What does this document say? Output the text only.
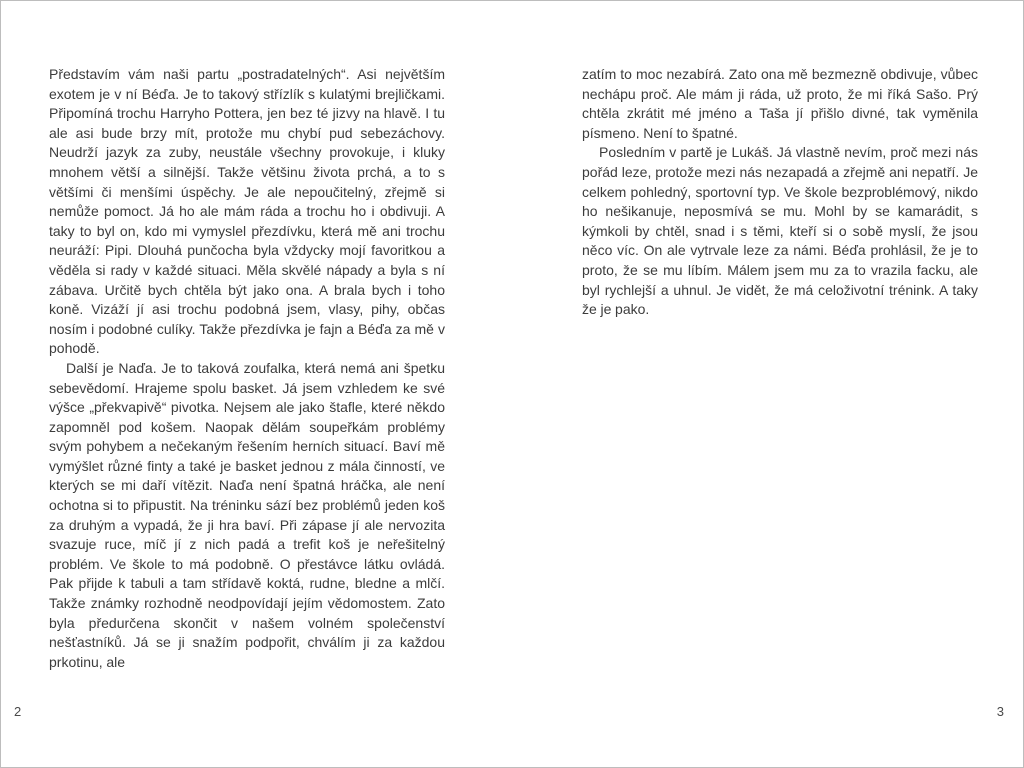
Představím vám naši partu „postradatelných“. Asi největším exotem je v ní Béďa. Je to takový střízlík s kulatými brejličkami. Připomíná trochu Harryho Pottera, jen bez té jizvy na hlavě. I tu ale asi bude brzy mít, protože mu chybí pud sebezáchovy. Neudrží jazyk za zuby, neustále všechny provokuje, i kluky mnohem větší a silnější. Takže většinu života prchá, a to s většími či menšími úspěchy. Je ale nepoučitelný, zřejmě si nemůže pomoct. Já ho ale mám ráda a trochu ho i obdivuji. A taky to byl on, kdo mi vymyslel přezdívku, která mě ani trochu neuráží: Pipi. Dlouhá punčocha byla vždycky mojí favoritkou a věděla si rady v každé situaci. Měla skvělé nápady a byla s ní zábava. Určitě bych chtěla být jako ona. A brala bych i toho koně. Vizáží jí asi trochu podobná jsem, vlasy, pihy, občas nosím i podobné culíky. Takže přezdívka je fajn a Béďa za mě v pohodě.

Další je Naďa. Je to taková zoufalka, která nemá ani špetku sebevědomí. Hrajeme spolu basket. Já jsem vzhledem ke své výšce „překvapivě“ pivotka. Nejsem ale jako štafle, které někdo zapomněl pod košem. Naopak dělám soupeřkám problémy svým pohybem a nečekaným řešením herních situací. Baví mě vymýšlet různé finty a také je basket jednou z mála činností, ve kterých se mi daří vítězit. Naďa není špatná hráčka, ale není ochotna si to připustit. Na tréninku sází bez problémů jeden koš za druhým a vypadá, že ji hra baví. Při zápase jí ale nervozita svazuje ruce, míč jí z nich padá a trefit koš je neřešitelný problém. Ve škole to má podobně. O přestávce látku ovládá. Pak přijde k tabuli a tam střídavě koktá, rudne, bledne a mlčí. Takže známky rozhodně neodpovídají jejím vědomostem. Zato byla předurčena skončit v našem volném společenství nešťastníků. Já se ji snažím podpořit, chválím ji za každou prkotinu, ale

zatím to moc nezabírá. Zato ona mě bezmezně obdivuje, vůbec nechápu proč. Ale mám ji ráda, už proto, že mi říká Sašo. Prý chtěla zkrátit mé jméno a Taša jí přišlo divné, tak vyměnila písmeno. Není to špatné.

Posledním v partě je Lukáš. Já vlastně nevím, proč mezi nás pořád leze, protože mezi nás nezapadá a zřejmě ani nepatří. Je celkem pohledný, sportovní typ. Ve škole bezproblémový, nikdo ho nešikanuje, neposmívá se mu. Mohl by se kamarádit, s kýmkoli by chtěl, snad i s těmi, kteří si o sobě myslí, že jsou něco víc. On ale vytrvale leze za námi. Béďa prohlásil, že je to proto, že se mu líbím. Málem jsem mu za to vrazila facku, ale byl rychlejší a uhnul. Je vidět, že má celoživotní trénink. A taky že je pako.

2	3
